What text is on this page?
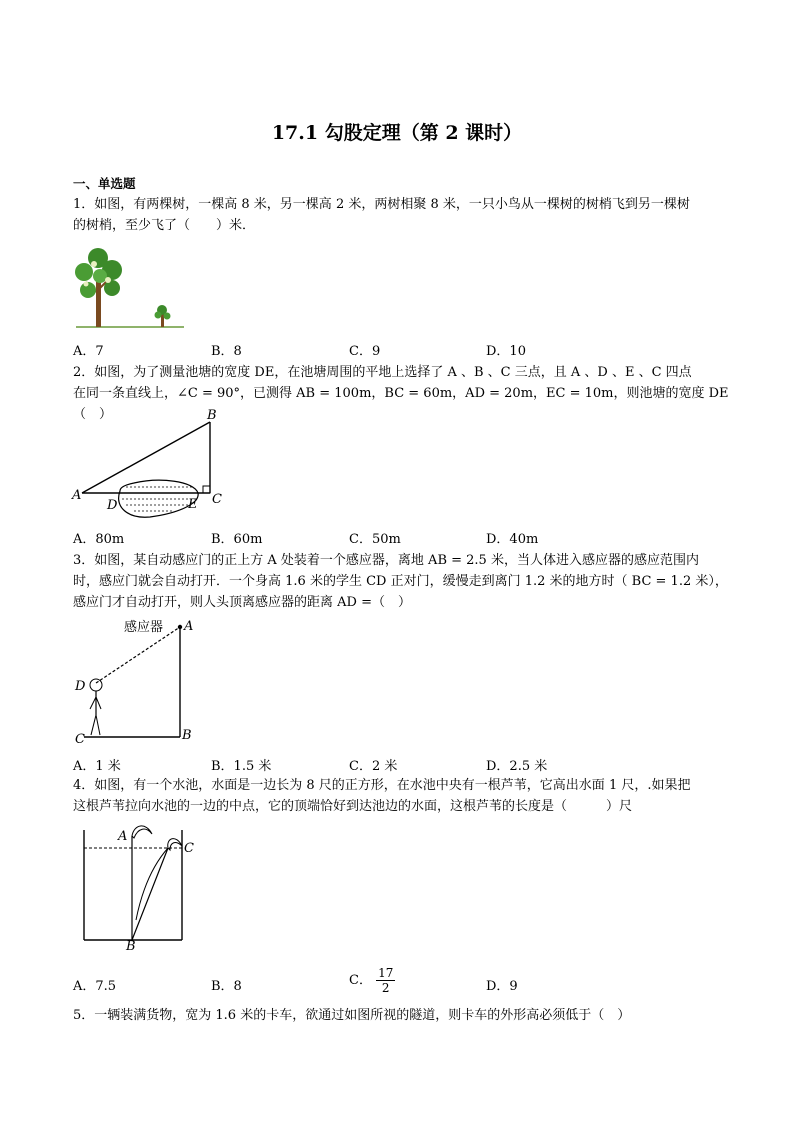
17.1 勾股定理（第 2 课时）
一、单选题
1．如图，有两棵树，一棵高 8 米，另一棵高 2 米，两树相聚 8 米，一只小鸟从一棵树的树梢飞到另一棵树
的树梢，至少飞了（　　）米．
A．7	B．8	C．9	D．10
2．如图，为了测量池塘的宽度 DE，在池塘周围的平地上选择了 A 、B 、C 三点，且 A 、D 、E 、C 四点
在同一条直线上，∠C = 90°，已测得 AB = 100m，BC = 60m，AD = 20m，EC = 10m，则池塘的宽度 DE（　）	B
A
D	E C
A．80m	B．60m	C．50m	D．40m
3．如图，某自动感应门的正上方 A 处装着一个感应器，离地 AB = 2.5 米，当人体进入感应器的感应范围内
时，感应门就会自动打开．一个身高 1.6 米的学生 CD 正对门，缓慢走到离门 1.2 米的地方时（ BC = 1.2 米），
感应门才自动打开，则人头顶离感应器的距离 AD =（　）
感应器 A
D
C	B
A．1 米	B．1.5 米	C．2 米	D．2.5 米
4．如图，有一个水池，水面是一边长为 8 尺的正方形，在水池中央有一根芦苇，它高出水面 1 尺，.如果把
这根芦苇拉向水池的一边的中点，它的顶端恰好到达池边的水面，这根芦苇的长度是（　　　）尺
A
C
B
A．7.5	B．8	C． $\frac{17}{2}$	D．9
5．一辆装满货物，宽为 1.6 米的卡车，欲通过如图所视的隧道，则卡车的外形高必须低于（　）
